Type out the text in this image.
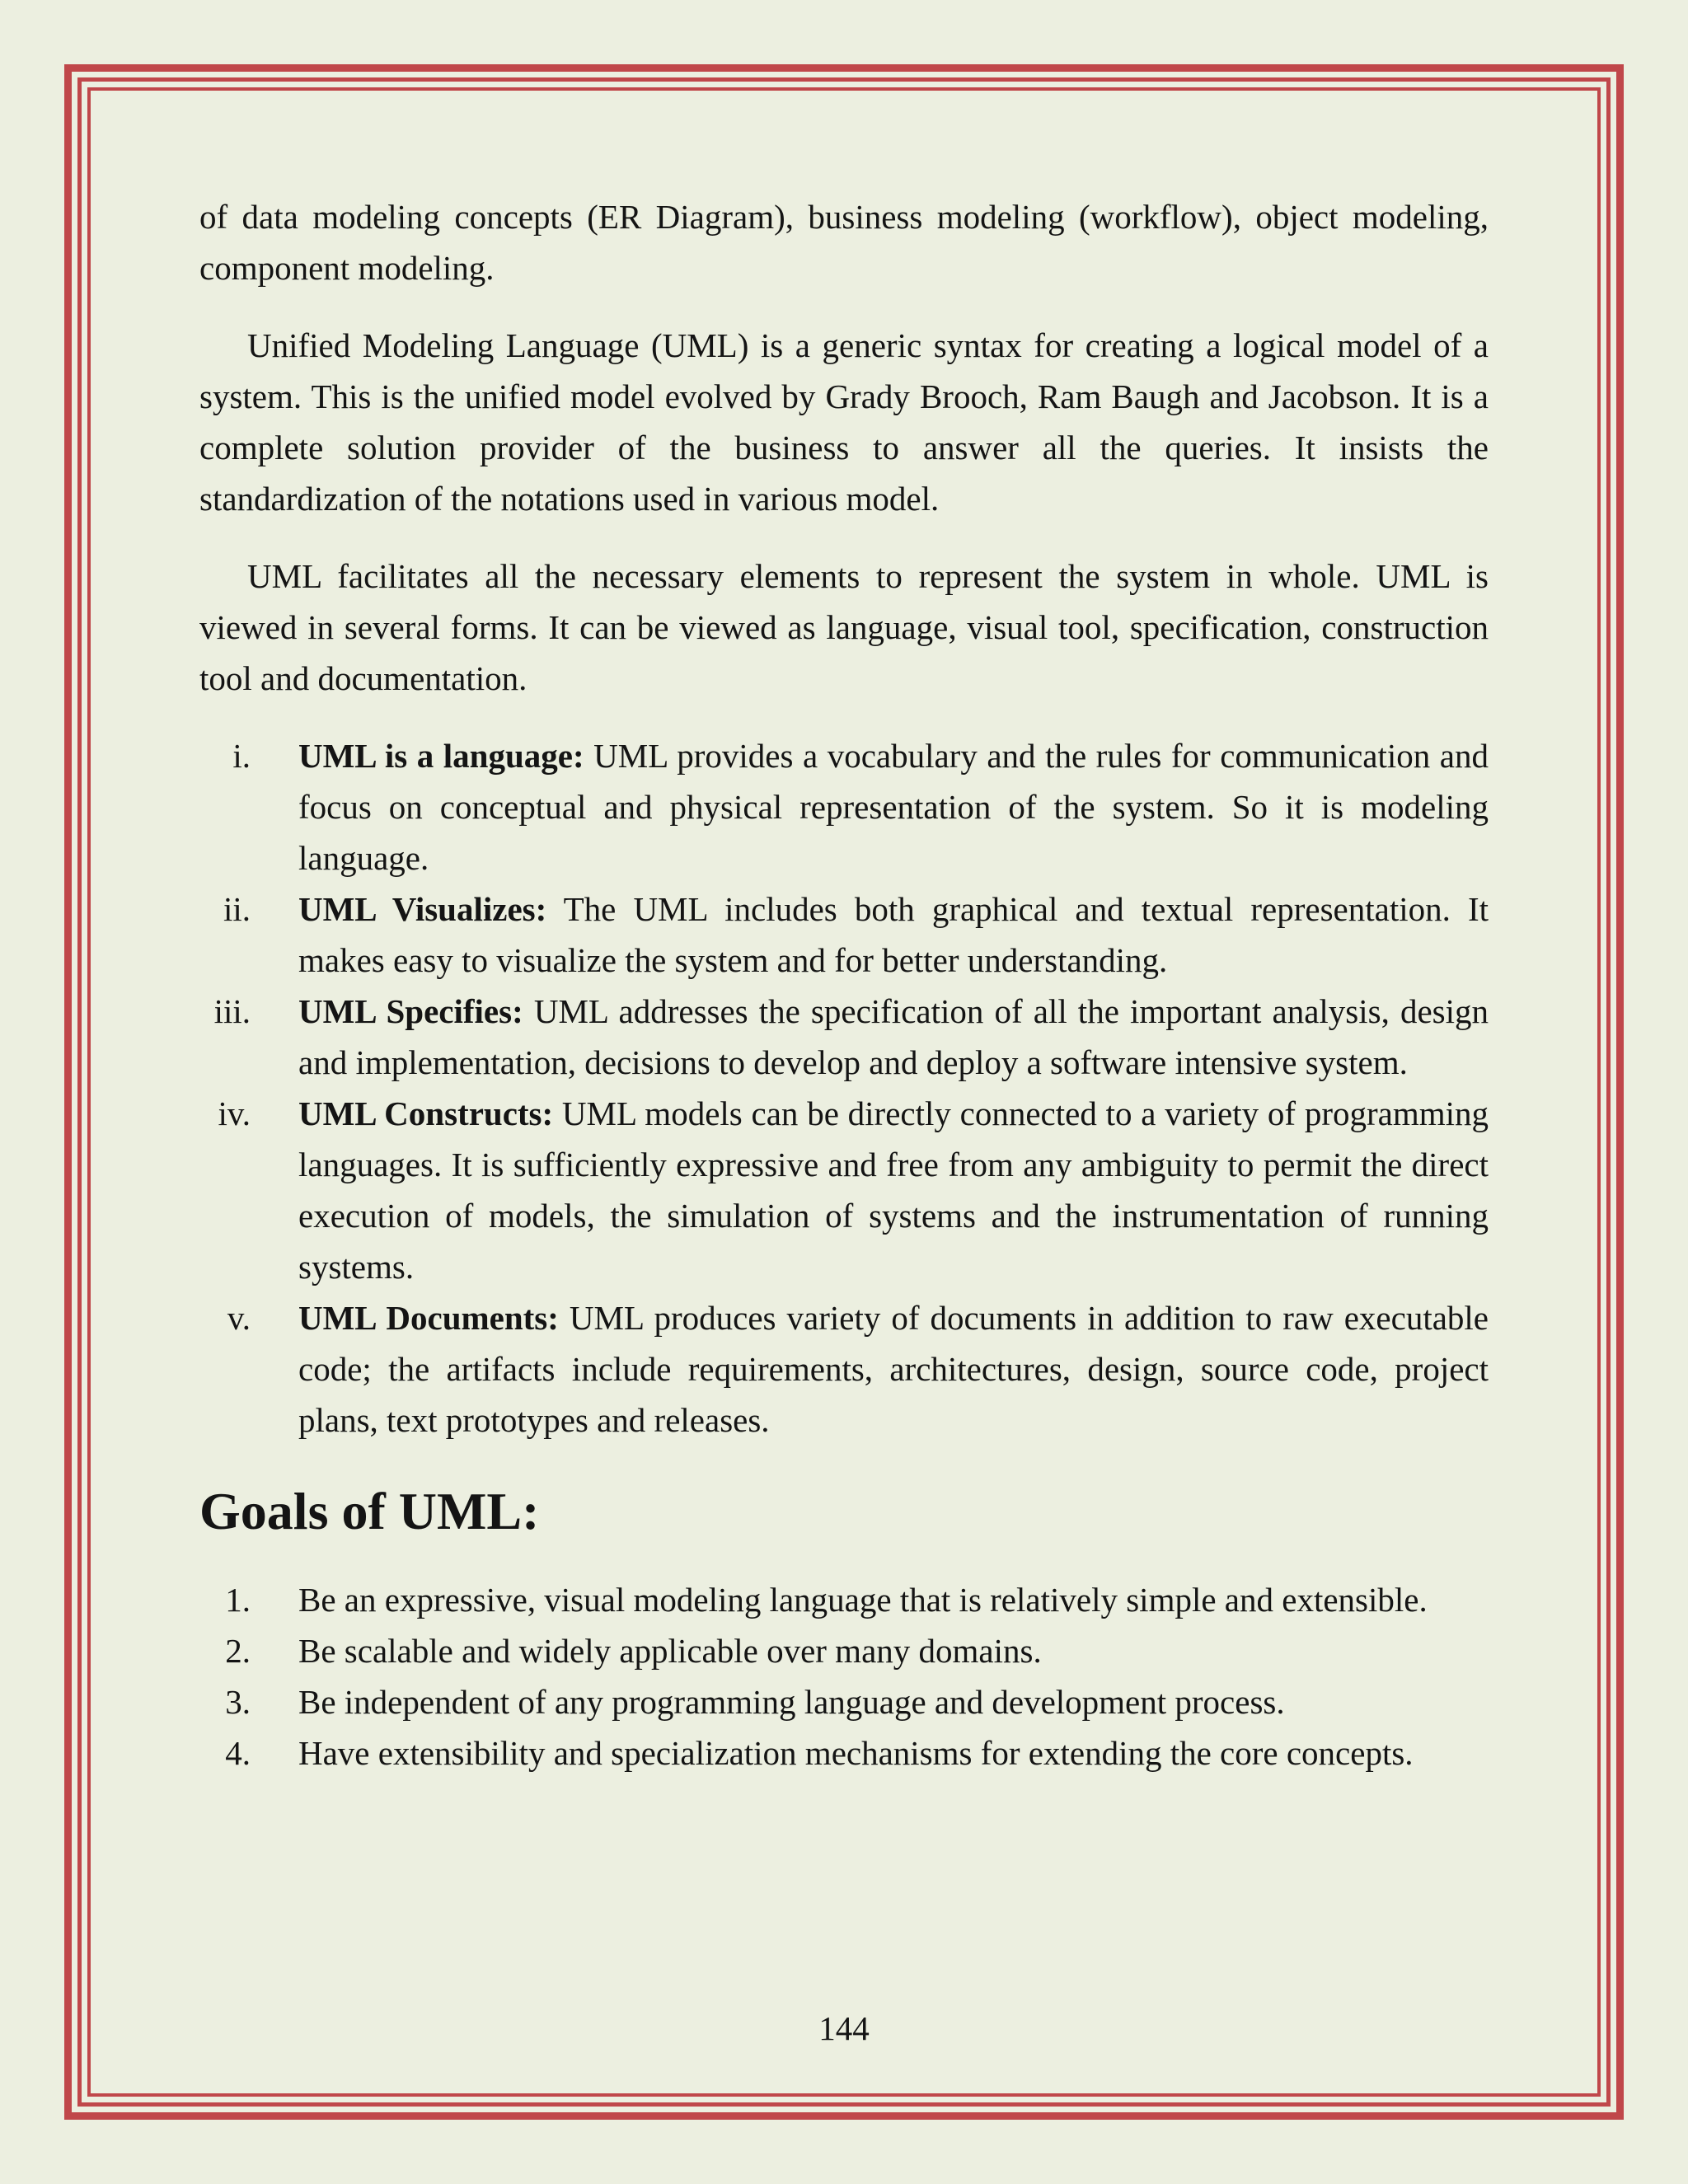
of data modeling concepts (ER Diagram), business modeling (workflow), object modeling, component modeling.

Unified Modeling Language (UML) is a generic syntax for creating a logical model of a system. This is the unified model evolved by Grady Brooch, Ram Baugh and Jacobson. It is a complete solution provider of the business to answer all the queries. It insists the standardization of the notations used in various model.

UML facilitates all the necessary elements to represent the system in whole. UML is viewed in several forms. It can be viewed as language, visual tool, specification, construction tool and documentation.

i. UML is a language: UML provides a vocabulary and the rules for communication and focus on conceptual and physical representation of the system. So it is modeling language.
ii. UML Visualizes: The UML includes both graphical and textual representation. It makes easy to visualize the system and for better understanding.
iii. UML Specifies: UML addresses the specification of all the important analysis, design and implementation, decisions to develop and deploy a software intensive system.
iv. UML Constructs: UML models can be directly connected to a variety of programming languages. It is sufficiently expressive and free from any ambiguity to permit the direct execution of models, the simulation of systems and the instrumentation of running systems.
v. UML Documents: UML produces variety of documents in addition to raw executable code; the artifacts include requirements, architectures, design, source code, project plans, text prototypes and releases.
Goals of UML:
1. Be an expressive, visual modeling language that is relatively simple and extensible.
2. Be scalable and widely applicable over many domains.
3. Be independent of any programming language and development process.
4. Have extensibility and specialization mechanisms for extending the core concepts.
144
